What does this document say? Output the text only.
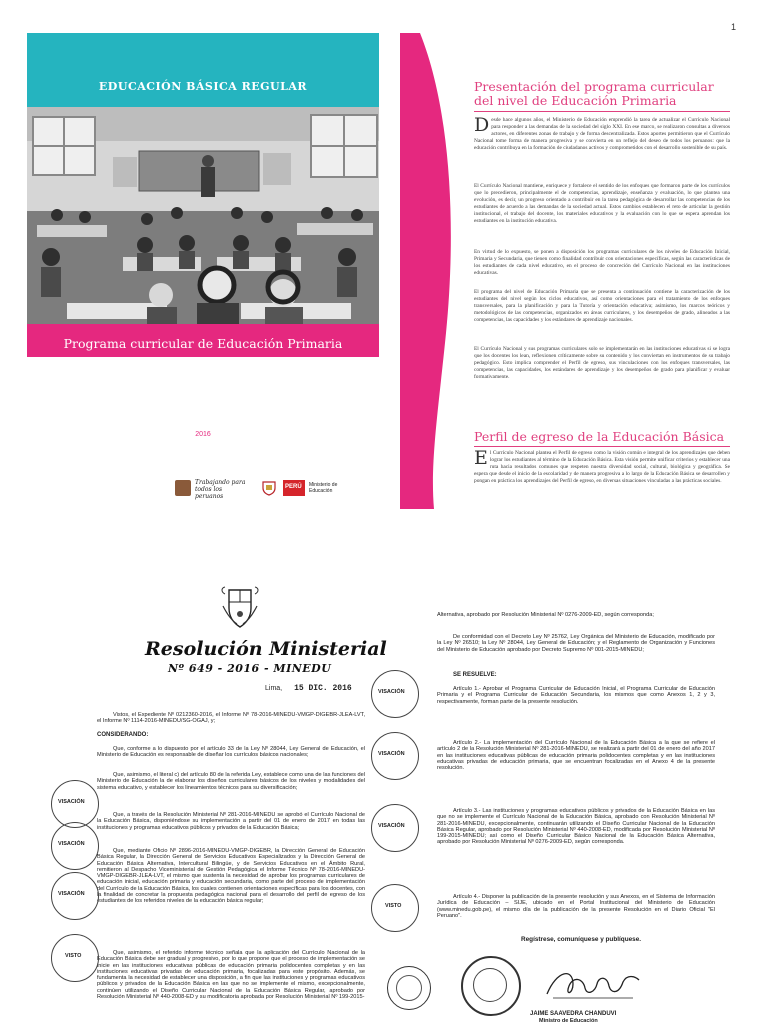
1
EDUCACIÓN BÁSICA REGULAR
Programa curricular de Educación Primaria
2016
Trabajando para todos los peruanos
PERÚ Ministerio de Educación
Presentación del programa curricular
del nivel de Educación Primaria

Desde hace algunos años, el Ministerio de Educación emprendió la tarea de actualizar el Currículo Nacional para responder a las demandas de la sociedad del siglo XXI. En ese marco, se realizaron consultas a diversos actores, en diferentes zonas de trabajo y de forma descentralizada. Estos aportes permitieron que el Currículo Nacional tome forma de manera progresiva y se convierta en un reflejo del deseo de todos los peruanos: que la educación contribuya en la formación de ciudadanos activos y comprometidos con el desarrollo sostenible de su país.

El Currículo Nacional mantiene, enriquece y fortalece el sentido de los enfoques que formaron parte de los currículos que lo precedieron, principalmente el de competencias, aprendizaje, enseñanza y evaluación, lo que plantea una evolución, es decir, un progreso orientado a contribuir en la tarea pedagógica de desarrollar las competencias de los estudiantes de acuerdo a las demandas de la sociedad actual. Estos cambios establecen el reto de articular la gestión institucional, el trabajo del docente, los materiales educativos y la evaluación con lo que se espera aprendan los estudiantes en la institución educativa.

En virtud de lo expuesto, se ponen a disposición los programas curriculares de los niveles de Educación Inicial, Primaria y Secundaria, que tienen como finalidad contribuir con orientaciones específicas, según las características de los estudiantes de cada nivel educativo, en el proceso de concreción del Currículo Nacional en las instituciones educativas.

El programa del nivel de Educación Primaria que se presenta a continuación contiene la caracterización de los estudiantes del nivel según los ciclos educativos, así como orientaciones para el tratamiento de los enfoques transversales, para la planificación y para la Tutoría y orientación educativa; asimismo, los marcos teóricos y metodológicos de las competencias, organizados en áreas curriculares, y los desempeños de grado, alineados a las competencias, las capacidades y los estándares de aprendizaje nacionales.

El Currículo Nacional y sus programas curriculares solo se implementarán en las instituciones educativas si se logra que los docentes los lean, reflexionen críticamente sobre su contenido y los conviertan en instrumentos de su trabajo pedagógico. Esto implica comprender el Perfil de egreso, sus vinculaciones con los enfoques transversales, las competencias, las capacidades, los estándares de aprendizaje y los desempeños de grado para planificar y evaluar formativamente.

Perfil de egreso de la Educación Básica

El Currículo Nacional plantea el Perfil de egreso como la visión común e integral de los aprendizajes que deben lograr los estudiantes al término de la Educación Básica. Esta visión permite unificar criterios y establecer una ruta hacia resultados comunes que respeten nuestra diversidad social, cultural, biológica y geográfica. Se espera que desde el inicio de la escolaridad y de manera progresiva a lo largo de la Educación Básica se desarrollen y pongan en práctica los aprendizajes del Perfil de egreso, en diversas situaciones vinculadas a las prácticas sociales.

Resolución Ministerial
Nº 649 - 2016 - MINEDU
Lima, 15 DIC. 2016

Vistos, el Expediente Nº 0212360-2016, el Informe Nº 78-2016-MINEDU-VMGP-DIGEBR-JLEA-LVT, el Informe Nº 1114-2016-MINEDU/SG-OGAJ, y;

CONSIDERANDO:

Que, conforme a lo dispuesto por el artículo 33 de la Ley Nº 28044, Ley General de Educación, el Ministerio de Educación es responsable de diseñar los currículos básicos nacionales;

Que, asimismo, el literal c) del artículo 80 de la referida Ley, establece como una de las funciones del Ministerio de Educación la de elaborar los diseños curriculares básicos de los niveles y modalidades del sistema educativo, y establecer los lineamientos técnicos para su diversificación;

Que, a través de la Resolución Ministerial Nº 281-2016-MINEDU se aprobó el Currículo Nacional de la Educación Básica, disponiéndose su implementación a partir del 01 de enero de 2017 en todas las instituciones y programas educativos públicos y privados de la Educación Básica;

Que, mediante Oficio Nº 2896-2016-MINEDU-VMGP-DIGEBR, la Dirección General de Educación Básica Regular, la Dirección General de Servicios Educativos Especializados y la Dirección General de Educación Básica Alternativa, Intercultural Bilingüe, y de Servicios Educativos en el Ámbito Rural, remitieron al Despacho Viceministerial de Gestión Pedagógica el Informe Técnico Nº 78-2016-MINEDU-VMGP-DIGEBR-JLEA-LVT, el mismo que sustenta la necesidad de aprobar los programas curriculares de educación inicial, educación primaria y educación secundaria, como parte del proceso de implementación del Currículo de la Educación Básica, los cuales contienen orientaciones específicas para los docentes, con la finalidad de concretar la propuesta pedagógica nacional para el desarrollo del perfil de egreso de los estudiantes de los referidos niveles de la educación básica regular;

Que, asimismo, el referido informe técnico señala que la aplicación del Currículo Nacional de la Educación Básica debe ser gradual y progresivo, por lo que propone que el proceso de implementación se inicie en las instituciones educativas públicas de educación primaria polidocentes completas y en las instituciones educativas privadas de educación primaria, focalizadas para este propósito. Además, se fundamenta la necesidad de establecer una disposición, a fin que las instituciones y programas educativos públicos y privados de la Educación Básica en las que no se implemente el mismo, excepcionalmente, continúen utilizando el Diseño Curricular Nacional de la Educación Básica Regular, aprobado por Resolución Ministerial Nº 440-2008-ED y su modificatoria aprobada por Resolución Ministerial Nº 199-2015-

Alternativa, aprobado por Resolución Ministerial Nº 0276-2009-ED, según corresponda;

De conformidad con el Decreto Ley Nº 25762, Ley Orgánica del Ministerio de Educación, modificado por la Ley Nº 26510; la Ley Nº 28044, Ley General de Educación; y el Reglamento de Organización y Funciones del Ministerio de Educación aprobado por Decreto Supremo Nº 001-2015-MINEDU;

SE RESUELVE:

Artículo 1.- Aprobar el Programa Curricular de Educación Inicial, el Programa Curricular de Educación Primaria y el Programa Curricular de Educación Secundaria, los mismos que como Anexos 1, 2 y 3, respectivamente, forman parte de la presente resolución.

Artículo 2.- La implementación del Currículo Nacional de la Educación Básica a la que se refiere el artículo 2 de la Resolución Ministerial Nº 281-2016-MINEDU, se realizará a partir del 01 de enero del año 2017 en las instituciones educativas públicas de educación primaria polidocentes completas y en las instituciones educativas privadas de educación primaria, que se encuentran focalizadas en el Anexo 4 de la presente resolución.

Artículo 3.- Las instituciones y programas educativos públicos y privados de la Educación Básica en las que no se implemente el Currículo Nacional de la Educación Básica, aprobado con Resolución Ministerial Nº 281-2016-MINEDU, excepcionalmente, continuarán utilizando el Diseño Curricular Nacional de la Educación Básica Regular, aprobado por Resolución Ministerial Nº 440-2008-ED, modificada por Resolución Ministerial Nº 199-2015-MINEDU; así como el Diseño Curricular Básico Nacional de la Educación Básica Alternativa, aprobado por Resolución Ministerial Nº 0276-2009-ED, según corresponda.

Artículo 4.- Disponer la publicación de la presente resolución y sus Anexos, en el Sistema de Información Jurídica de Educación – SIJE, ubicado en el Portal Institucional del Ministerio de Educación (www.minedu.gob.pe), el mismo día de la publicación de la presente Resolución en el Diario Oficial "El Peruano".

Regístrese, comuníquese y publíquese.
JAIME SAAVEDRA CHANDUVI
Ministro de Educación
VISACIÓN
VISACIÓN
VISACIÓN
VISTO
VISACIÓN
VISACIÓN
VISACIÓN
VISTO
